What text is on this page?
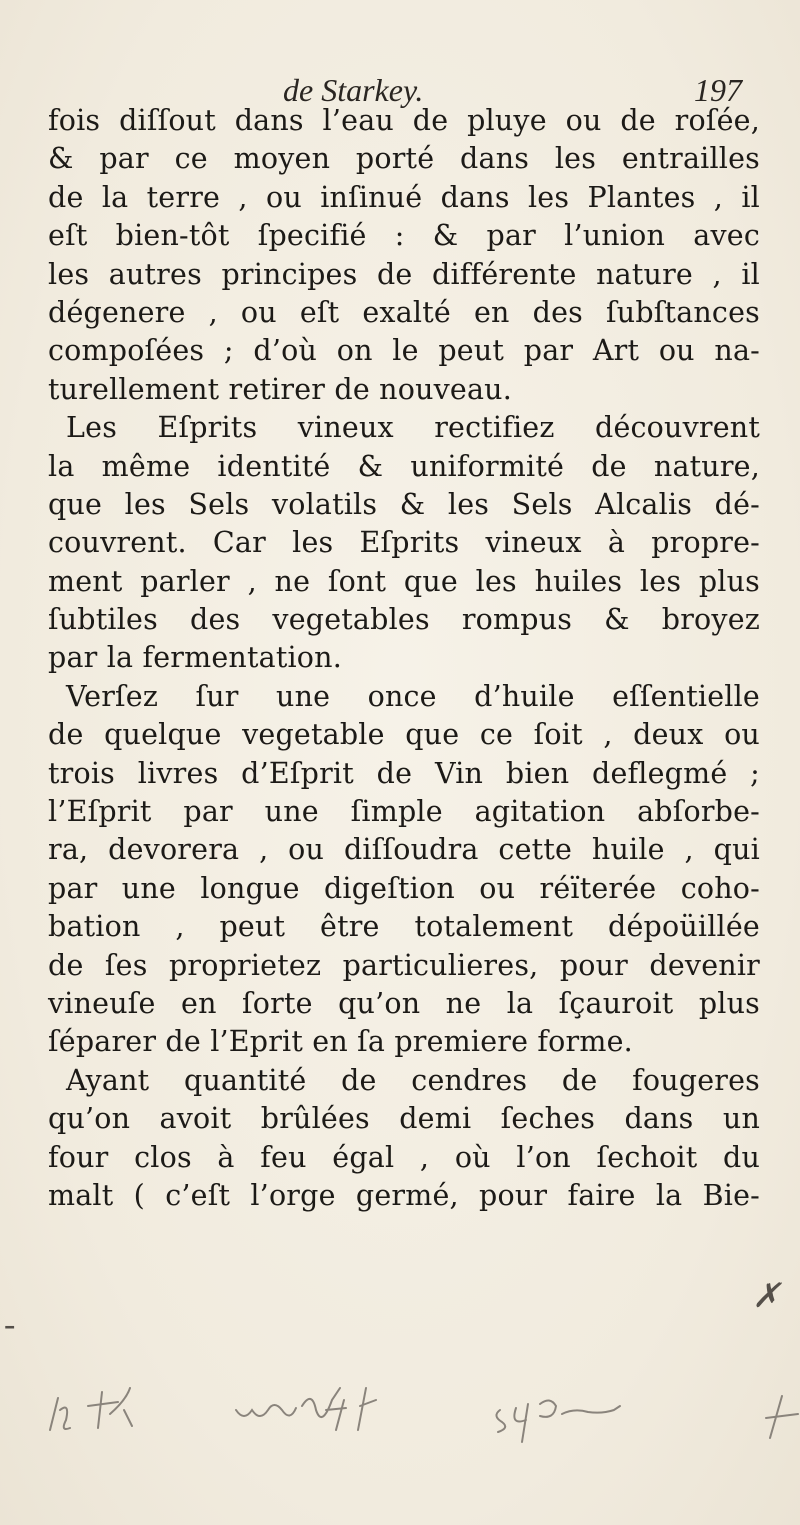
de Starkey.	197
fois diſſout dans l’eau de pluye ou de roſée,
& par ce moyen porté dans les entrailles
de la terre , ou inſinué dans les Plantes , il
eſt bien-tôt ſpecifié : & par l’union avec
les autres principes de différente nature , il
dégenere , ou eſt exalté en des ſubſtances
compoſées ; d’où on le peut par Art ou na-
turellement retirer de nouveau.
Les Eſprits vineux rectifiez découvrent
la même identité & uniformité de nature,
que les Sels volatils & les Sels Alcalis dé-
couvrent. Car les Eſprits vineux à propre-
ment parler , ne ſont que les huiles les plus
ſubtiles des vegetables rompus & broyez
par la fermentation.
Verſez ſur une once d’huile eſſentielle
de quelque vegetable que ce ſoit , deux ou
trois livres d’Eſprit de Vin bien deflegmé ;
l’Eſprit par une ſimple agitation abſorbe-
ra, devorera , ou diſſoudra cette huile , qui
par une longue digeſtion ou réïterée coho-
bation , peut être totalement dépoüillée
de ſes proprietez particulieres, pour devenir
vineuſe en ſorte qu’on ne la ſçauroit plus
ſéparer de l’Eprit en ſa premiere forme.
Ayant quantité de cendres de fougeres
qu’on avoit brûlées demi ſeches dans un
four clos à feu égal , où l’on ſechoit du
malt ( c’eſt l’orge germé, pour faire la Bie-
✗
-
